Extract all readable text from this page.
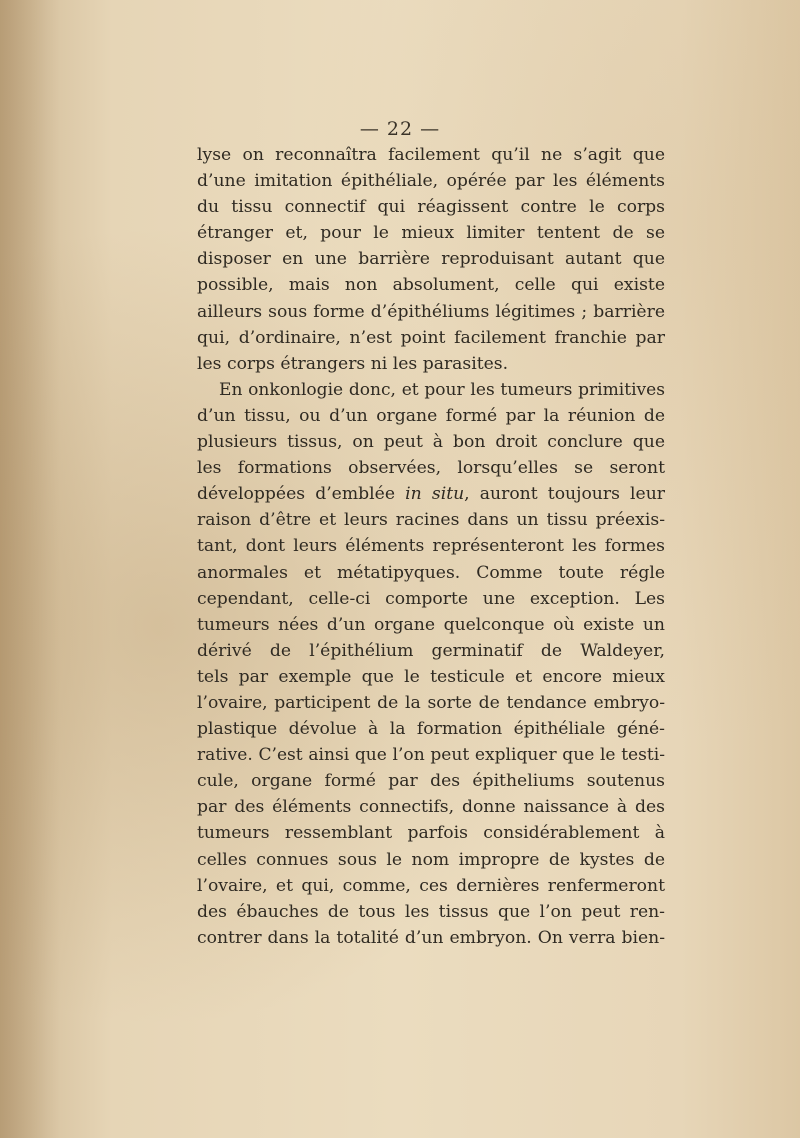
— 22 —
lyse on reconnaîtra facilement qu’il ne s’agit que
d’une imitation épithéliale, opérée par les éléments
du tissu connectif qui réagissent contre le corps
étranger et, pour le mieux limiter tentent de se
disposer en une barrière reproduisant autant que
possible, mais non absolument, celle qui existe
ailleurs sous forme d’épithéliums légitimes ; barrière
qui, d’ordinaire, n’est point facilement franchie par
les corps étrangers ni les parasites.
En onkonlogie donc, et pour les tumeurs primitives
d’un tissu, ou d’un organe formé par la réunion de
plusieurs tissus, on peut à bon droit conclure que
les formations observées, lorsqu’elles se seront
développées d’emblée in situ, auront toujours leur
raison d’être et leurs racines dans un tissu préexis-
tant, dont leurs éléments représenteront les formes
anormales et métatipyques. Comme toute régle
cependant, celle-ci comporte une exception. Les
tumeurs nées d’un organe quelconque où existe un
dérivé de l’épithélium germinatif de Waldeyer,
tels par exemple que le testicule et encore mieux
l’ovaire, participent de la sorte de tendance embryo-
plastique dévolue à la formation épithéliale géné-
rative. C’est ainsi que l’on peut expliquer que le testi-
cule, organe formé par des épitheliums soutenus
par des éléments connectifs, donne naissance à des
tumeurs ressemblant parfois considérablement à
celles connues sous le nom impropre de kystes de
l’ovaire, et qui, comme, ces dernières renfermeront
des ébauches de tous les tissus que l’on peut ren-
contrer dans la totalité d’un embryon. On verra bien-
